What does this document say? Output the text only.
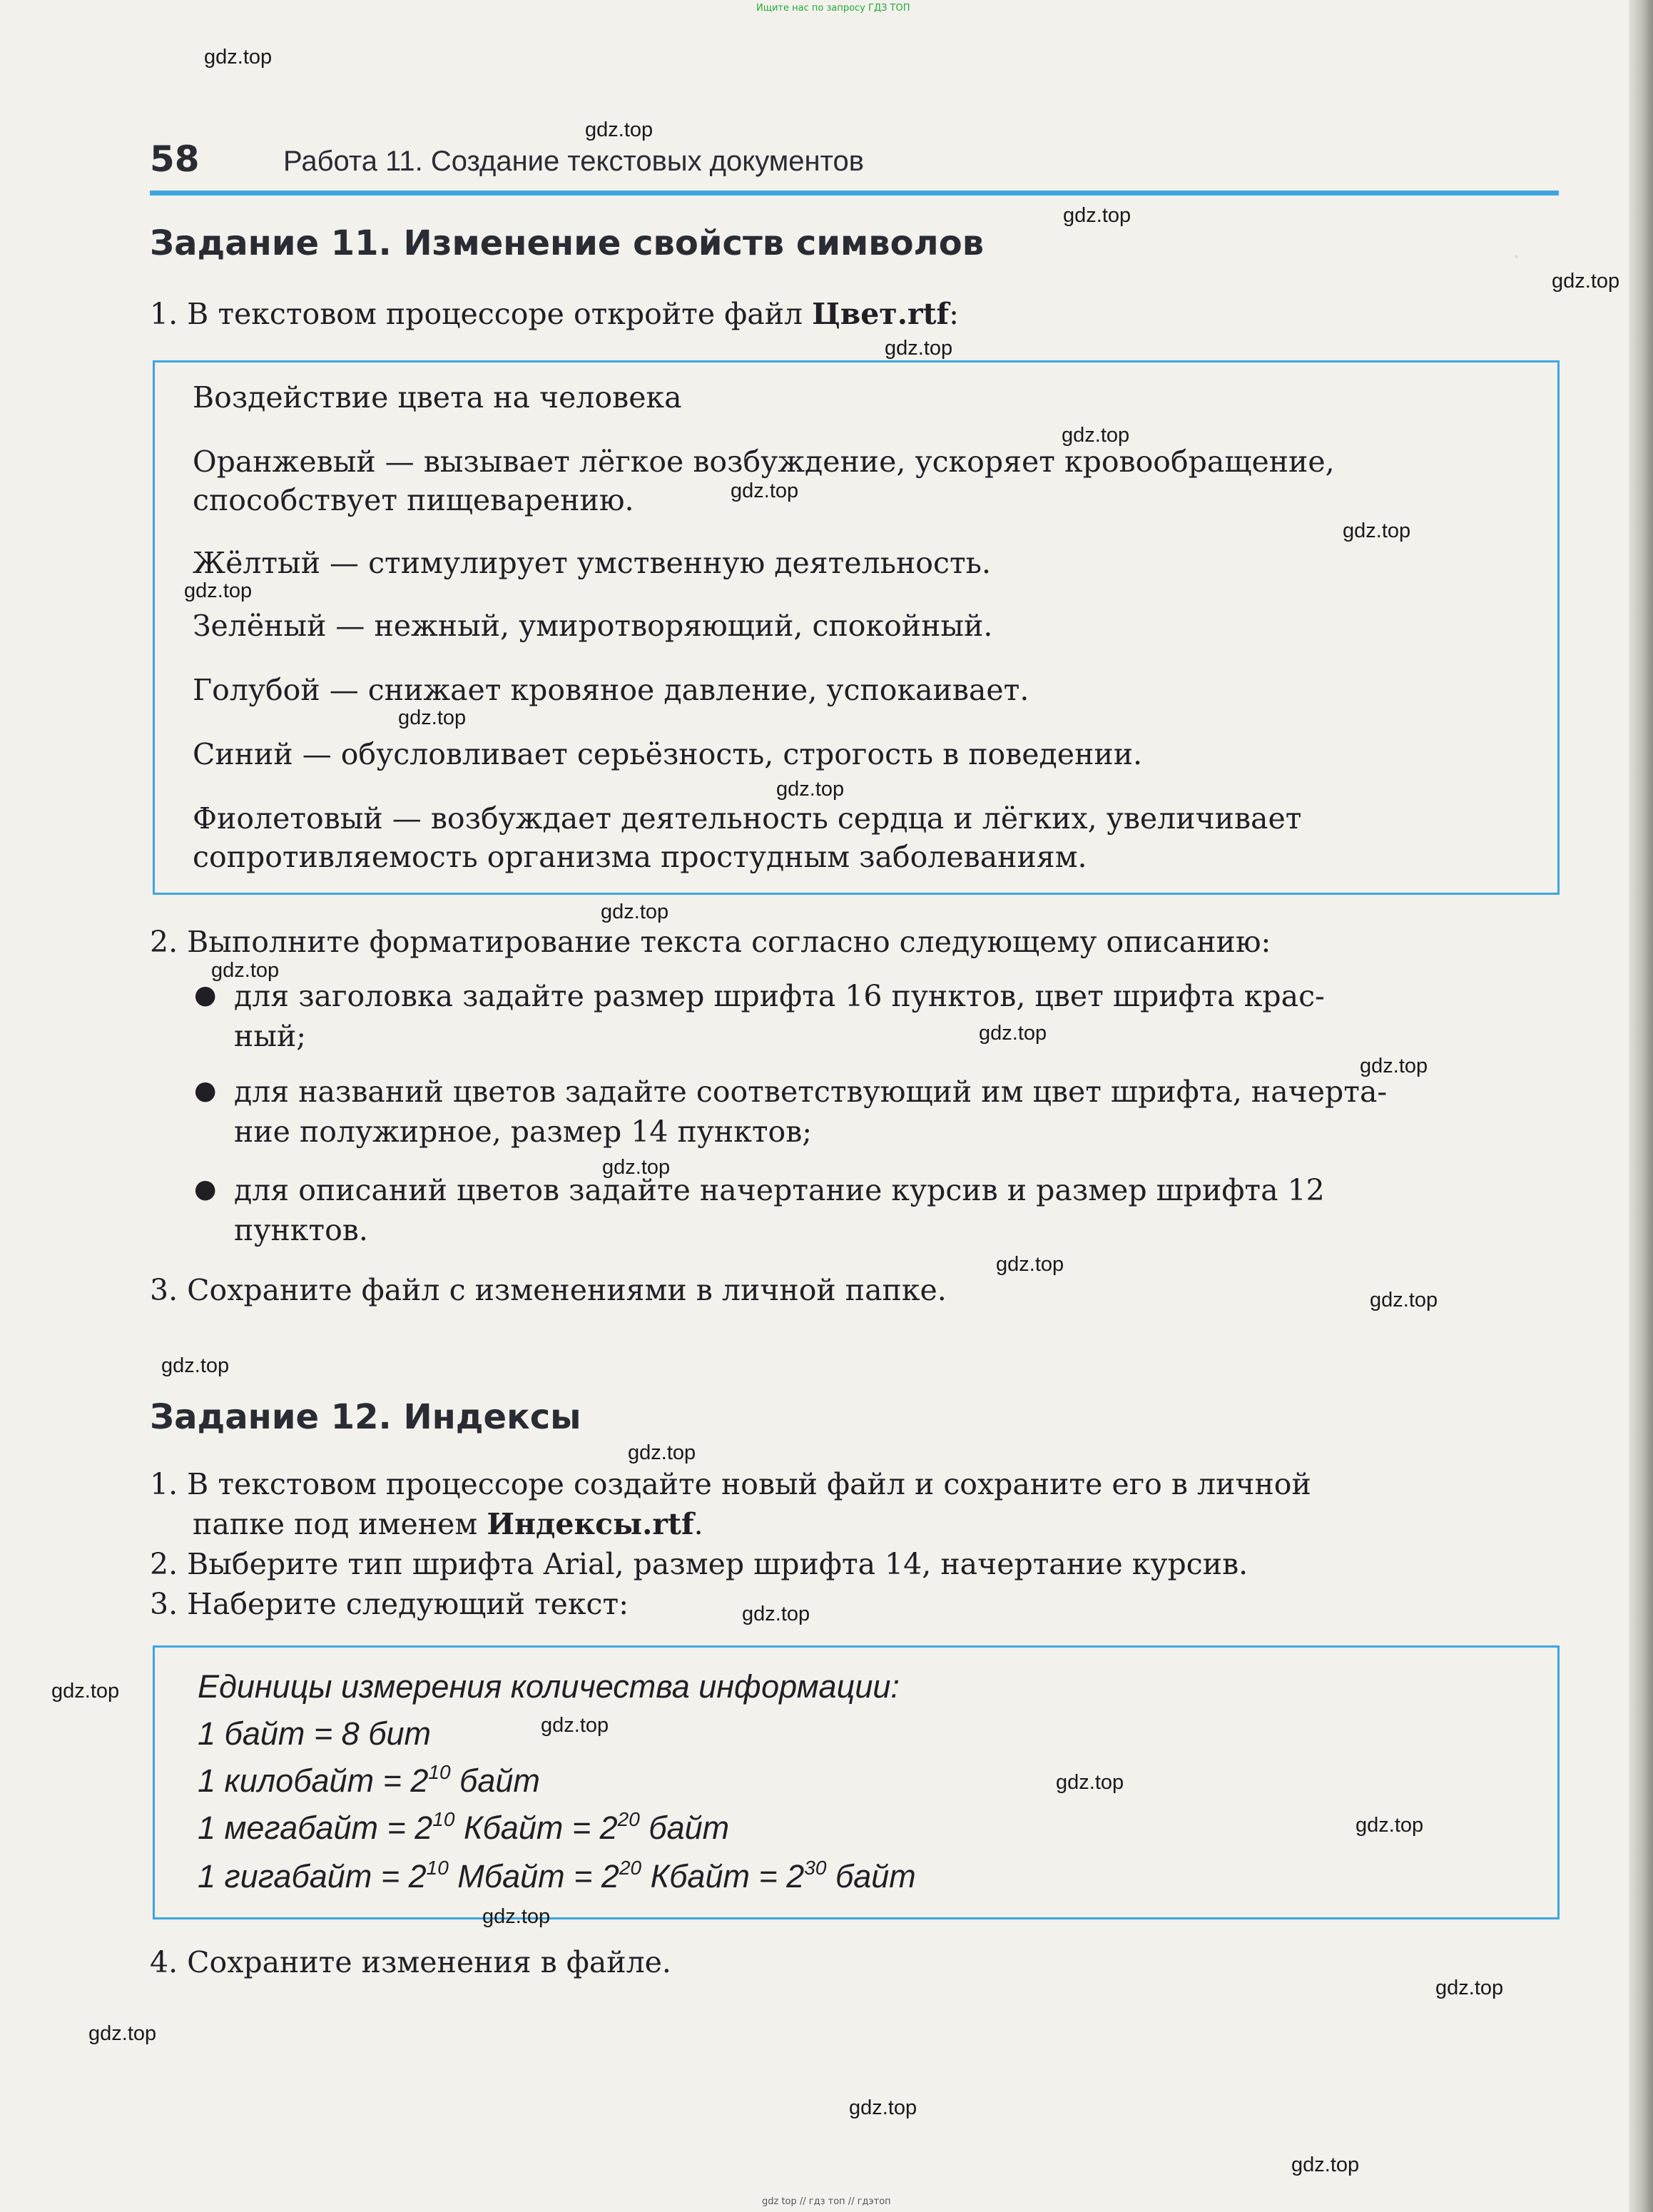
.
Ищите нас по запросу ГДЗ ТОП
58	Работа 11. Создание текстовых документов
Задание 11. Изменение свойств символов
1. В текстовом процессоре откройте файл Цвет.rtf:
Воздействие цвета на человека
Оранжевый — вызывает лёгкое возбуждение, ускоряет кровообращение,
способствует пищеварению.
Жёлтый — стимулирует умственную деятельность.
Зелёный — нежный, умиротворяющий, спокойный.
Голубой — снижает кровяное давление, успокаивает.
Синий — обусловливает серьёзность, строгость в поведении.
Фиолетовый — возбуждает деятельность сердца и лёгких, увеличивает
сопротивляемость организма простудным заболеваниям.
2. Выполните форматирование текста согласно следующему описанию:
● для заголовка задайте размер шрифта 16 пунктов, цвет шрифта крас-
ный;
● для названий цветов задайте соответствующий им цвет шрифта, начерта-
ние полужирное, размер 14 пунктов;
● для описаний цветов задайте начертание курсив и размер шрифта 12
пунктов.
3. Сохраните файл с изменениями в личной папке.
Задание 12. Индексы
1. В текстовом процессоре создайте новый файл и сохраните его в личной
папке под именем Индексы.rtf.
2. Выберите тип шрифта Arial, размер шрифта 14, начертание курсив.
3. Наберите следующий текст:
Единицы измерения количества информации:
1 байт = 8 бит
1 килобайт = $2^{10}$ байт
1 мегабайт = $2^{10}$ Кбайт = $2^{20}$ байт
1 гигабайт = $2^{10}$ Мбайт = $2^{20}$ Кбайт = $2^{30}$ байт
4. Сохраните изменения в файле.
gdz.top
gdz.top
gdz.top
gdz.top
gdz.top
gdz.top
gdz.top
gdz.top
gdz.top
gdz.top
gdz.top
gdz.top
gdz.top
gdz.top
gdz.top
gdz.top
gdz.top
gdz.top
gdz.top
gdz.top
gdz.top
gdz.top
gdz.top
gdz.top
gdz.top
gdz.top
gdz.top
gdz.top
gdz.top
gdz.top
gdz top // гдз топ // гдэтоп
